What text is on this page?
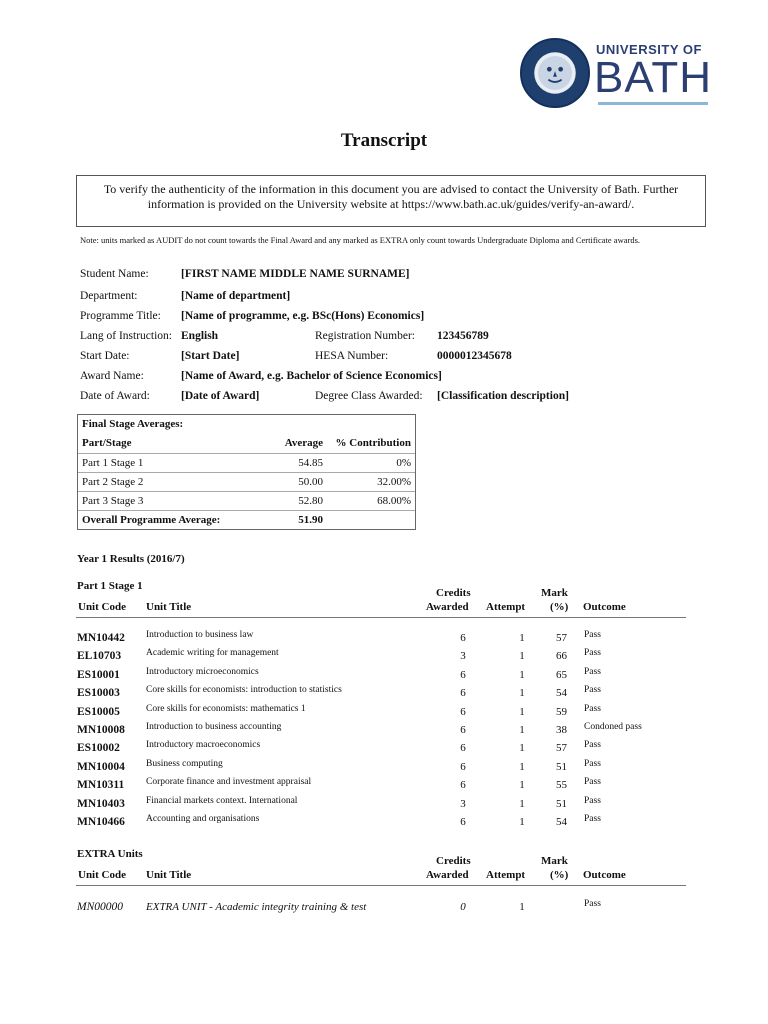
UNIVERSITY OF
BATH
Transcript
To verify the authenticity of the information in this document you are advised to contact the University of Bath. Further information is provided on the University website at https://www.bath.ac.uk/guides/verify-an-award/.
Note: units marked as AUDIT do not count towards the Final Award and any marked as EXTRA only count towards Undergraduate Diploma and Certificate awards.
Student Name:	[FIRST NAME MIDDLE NAME SURNAME]
Department:	[Name of department]
Programme Title: [Name of programme, e.g. BSc(Hons) Economics]
Lang of Instruction: English	Registration Number: 123456789
Start Date:	[Start Date]	HESA Number:	0000012345678
Award Name:	[Name of Award, e.g. Bachelor of Science Economics]
Date of Award:	[Date of Award]	Degree Class Awarded: [Classification description]
Final Stage Averages:
Part/Stage	Average % Contribution
Part 1 Stage 1	54.85	0%
Part 2 Stage 2	50.00	32.00%
Part 3 Stage 3	52.80	68.00%
Overall Programme Average:	51.90
Year 1 Results (2016/7)
Part 1 Stage 1
Unit Code Unit Title
Credits
Awarded Attempt
Mark
(%) Outcome
MN10442 Introduction to business law	6	1	57 Pass
EL10703	Academic writing for management	3	1	66 Pass
ES10001	Introductory microeconomics	6	1	65 Pass
ES10003	Core skills for economists: introduction to statistics	6	1	54 Pass
ES10005	Core skills for economists: mathematics 1	6	1	59 Pass
MN10008 Introduction to business accounting	6	1	38 Condoned pass
ES10002	Introductory macroeconomics	6	1	57 Pass
MN10004 Business computing	6	1	51 Pass
MN10311 Corporate finance and investment appraisal	6	1	55 Pass
MN10403 Financial markets context. International	3	1	51 Pass
MN10466 Accounting and organisations	6	1	54 Pass
EXTRA Units
Unit Code Unit Title
Credits
Awarded Attempt
Mark
(%) Outcome
MN00000 EXTRA UNIT - Academic integrity training & test	0	1	Pass
